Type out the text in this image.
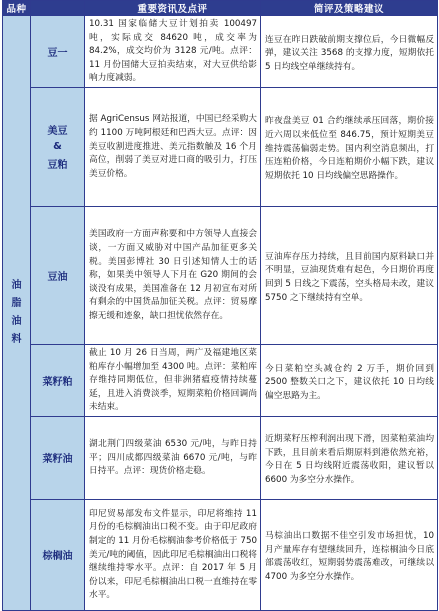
品种		重要资讯及点评	简评及策略建议

油
脂
油
料	豆一	10.31 国家临储大豆计划拍卖 100497 吨，实际成交 84620 吨，成交率为 84.2%，成交均价为 3128 元/吨。点评：11 月份国储大豆拍卖结束，对大豆供给影响力度减弱。	连豆在昨日跌破前期支撑位后，今日微幅反弹，建议关注 3568 的支撑力度，短期依托 5 日均线空单继续持有。

	美豆
&
豆粕	据 AgriCensus 网站报道，中国已经采购大约 1100 万吨阿根廷和巴西大豆。点评：因美豆收割进度推进、美元指数触及 16 个月高位，削弱了美豆对进口商的吸引力，打压美豆价格。	昨夜盘美豆 01 合约继续承压回落，期价接近六周以来低位至 846.75，预计短期美豆维持震荡偏弱走势。国内利空消息频出，打压连粕价格，今日连粕期价小幅下跌，建议短期依托 10 日均线偏空思路操作。

	豆油	美国政府一方面声称要和中方领导人直接会谈，一方面又威胁对中国产品加征更多关税。美国彭博社 30 日引述知情人士的话称，如果美中领导人下月在 G20 期间的会谈没有成果，美国准备在 12 月初宣布对所有剩余的中国货品加征关税。点评：贸易摩擦无缓和迹象，缺口担忧依然存在。	豆油库存压力持续，且目前国内原料缺口并不明显，豆油现货难有起色，今日期价再度回到 5 日线之下震荡，空头格局未改，建议 5750 之下继续持有空单。

	菜籽粕	截止 10 月 26 日当周，两广及福建地区菜粕库存小幅增加至 4300 吨。点评：菜粕库存维持同期低位，但非洲猪瘟疫情持续蔓延，且进入消费淡季，短期菜粕价格回调尚未结束。	今日菜粕空头减仓约 2 万手，期价回到 2500 整数关口之下，建议依托 10 日均线偏空思路为主。

	菜籽油	湖北荆门四级菜油 6530 元/吨，与昨日持平；四川成都四级菜油 6670 元/吨，与昨日持平。点评：现货价格走稳。	近期菜籽压榨利润出现下滑，因菜粕菜油均下跌，且目前来看后期原料到港依然充裕，今日在 5 日均线附近震荡收阳，建议暂以 6600 为多空分水操作。

	棕榈油	印尼贸易部发布文件显示，印尼将维持 11 月份的毛棕榈油出口税不变。由于印尼政府制定的 11 月份毛棕榈油参考价格低于 750 美元/吨的阈值，因此印尼毛棕榈油出口税将继续维持零水平。点评：自 2017 年 5 月份以来，印尼毛棕榈油出口税一直维持在零水平。	马棕油出口数据不佳空引发市场担忧，10 月产量库存有望继续回升，连棕榈油今日底部震荡收红，短期弱势震荡难改，可继续以 4700 为多空分水操作。
